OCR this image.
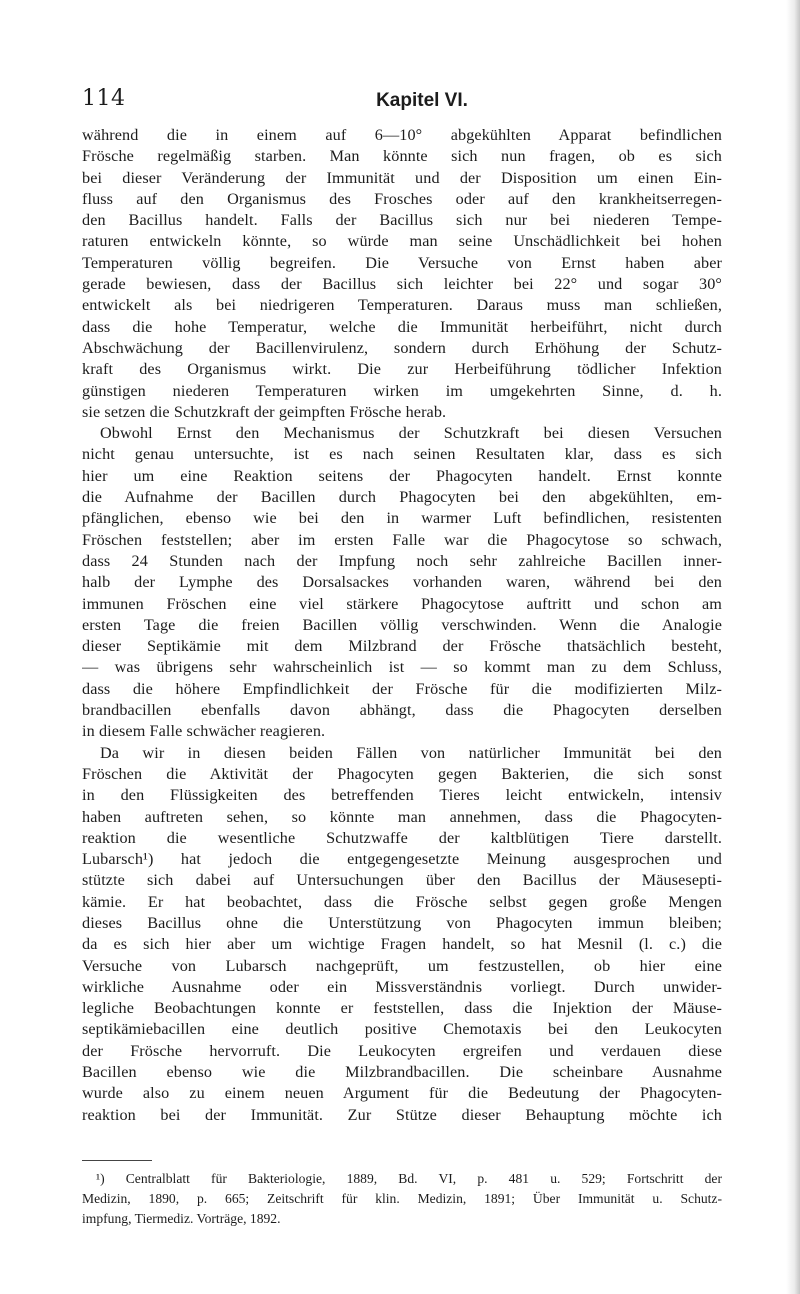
114	Kapitel VI.
während die in einem auf 6—10° abgekühlten Apparat befindlichen
Frösche regelmäßig starben. Man könnte sich nun fragen, ob es sich
bei dieser Veränderung der Immunität und der Disposition um einen Ein-
fluss auf den Organismus des Frosches oder auf den krankheitserregen-
den Bacillus handelt. Falls der Bacillus sich nur bei niederen Tempe-
raturen entwickeln könnte, so würde man seine Unschädlichkeit bei hohen
Temperaturen völlig begreifen. Die Versuche von Ernst haben aber
gerade bewiesen, dass der Bacillus sich leichter bei 22° und sogar 30°
entwickelt als bei niedrigeren Temperaturen. Daraus muss man schließen,
dass die hohe Temperatur, welche die Immunität herbeiführt, nicht durch
Abschwächung der Bacillenvirulenz, sondern durch Erhöhung der Schutz-
kraft des Organismus wirkt. Die zur Herbeiführung tödlicher Infektion
günstigen niederen Temperaturen wirken im umgekehrten Sinne, d. h.
sie setzen die Schutzkraft der geimpften Frösche herab.
Obwohl Ernst den Mechanismus der Schutzkraft bei diesen Versuchen
nicht genau untersuchte, ist es nach seinen Resultaten klar, dass es sich
hier um eine Reaktion seitens der Phagocyten handelt. Ernst konnte
die Aufnahme der Bacillen durch Phagocyten bei den abgekühlten, em-
pfänglichen, ebenso wie bei den in warmer Luft befindlichen, resistenten
Fröschen feststellen; aber im ersten Falle war die Phagocytose so schwach,
dass 24 Stunden nach der Impfung noch sehr zahlreiche Bacillen inner-
halb der Lymphe des Dorsalsackes vorhanden waren, während bei den
immunen Fröschen eine viel stärkere Phagocytose auftritt und schon am
ersten Tage die freien Bacillen völlig verschwinden. Wenn die Analogie
dieser Septikämie mit dem Milzbrand der Frösche thatsächlich besteht,
— was übrigens sehr wahrscheinlich ist — so kommt man zu dem Schluss,
dass die höhere Empfindlichkeit der Frösche für die modifizierten Milz-
brandbacillen ebenfalls davon abhängt, dass die Phagocyten derselben
in diesem Falle schwächer reagieren.
Da wir in diesen beiden Fällen von natürlicher Immunität bei den
Fröschen die Aktivität der Phagocyten gegen Bakterien, die sich sonst
in den Flüssigkeiten des betreffenden Tieres leicht entwickeln, intensiv
haben auftreten sehen, so könnte man annehmen, dass die Phagocyten-
reaktion die wesentliche Schutzwaffe der kaltblütigen Tiere darstellt.
Lubarsch¹) hat jedoch die entgegengesetzte Meinung ausgesprochen und
stützte sich dabei auf Untersuchungen über den Bacillus der Mäusesepti-
kämie. Er hat beobachtet, dass die Frösche selbst gegen große Mengen
dieses Bacillus ohne die Unterstützung von Phagocyten immun bleiben;
da es sich hier aber um wichtige Fragen handelt, so hat Mesnil (l. c.) die
Versuche von Lubarsch nachgeprüft, um festzustellen, ob hier eine
wirkliche Ausnahme oder ein Missverständnis vorliegt. Durch unwider-
legliche Beobachtungen konnte er feststellen, dass die Injektion der Mäuse-
septikämiebacillen eine deutlich positive Chemotaxis bei den Leukocyten
der Frösche hervorruft. Die Leukocyten ergreifen und verdauen diese
Bacillen ebenso wie die Milzbrandbacillen. Die scheinbare Ausnahme
wurde also zu einem neuen Argument für die Bedeutung der Phagocyten-
reaktion bei der Immunität. Zur Stütze dieser Behauptung möchte ich
¹) Centralblatt für Bakteriologie, 1889, Bd. VI, p. 481 u. 529; Fortschritt der
Medizin, 1890, p. 665; Zeitschrift für klin. Medizin, 1891; Über Immunität u. Schutz-
impfung, Tiermediz. Vorträge, 1892.
